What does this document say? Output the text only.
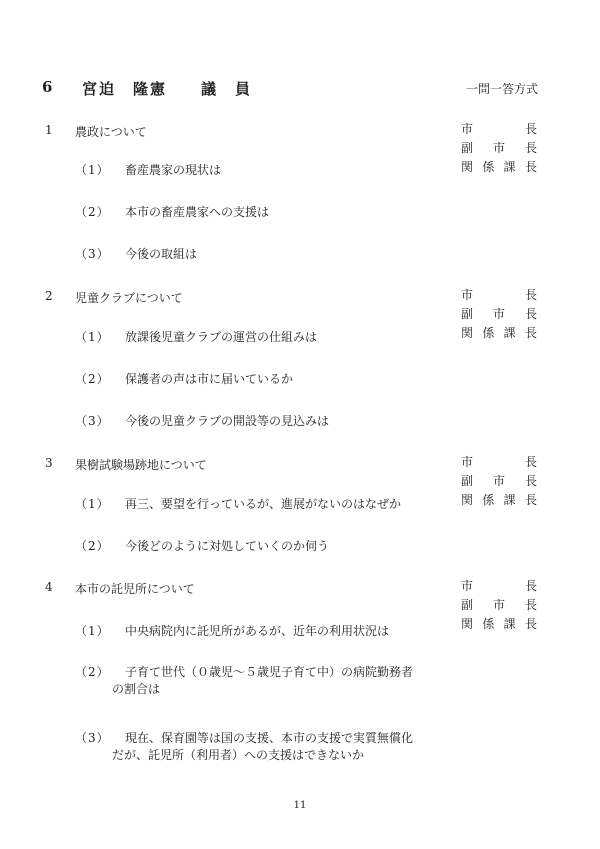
6 宮迫　隆憲　　議　員	一問一答方式
1	農政について	市	長
副 市 長
関 係 課 長
（1）	畜産農家の現状は
（2）	本市の畜産農家への支援は
（3）	今後の取組は
2	児童クラブについて	市	長
副 市 長
関 係 課 長
（1）	放課後児童クラブの運営の仕組みは
（2）	保護者の声は市に届いているか
（3）	今後の児童クラブの開設等の見込みは
3	果樹試験場跡地について	市	長
副 市 長
関 係 課 長
（1）	再三、要望を行っているが、進展がないのはなぜか
（2）	今後どのように対処していくのか伺う
4	本市の託児所について	市	長
副 市 長
関 係 課 長
（1）	中央病院内に託児所があるが、近年の利用状況は
（2）	子育て世代（０歳児～５歳児子育て中）の病院勤務者
の割合は
（3）	現在、保育園等は国の支援、本市の支援で実質無償化
だが、託児所（利用者）への支援はできないか
11
